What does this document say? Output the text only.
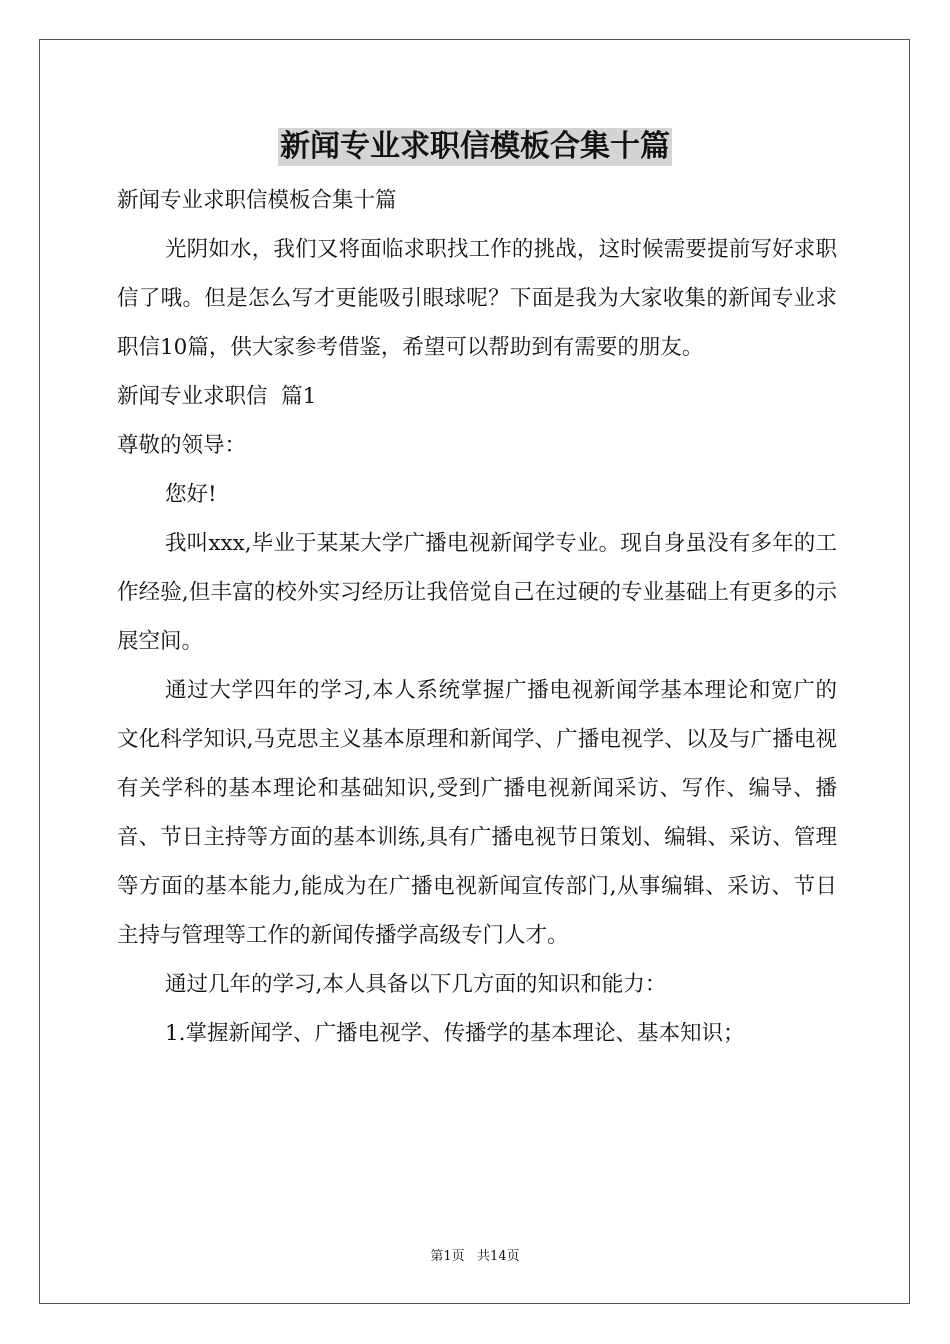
新闻专业求职信模板合集十篇

新闻专业求职信模板合集十篇

光阴如水，我们又将面临求职找工作的挑战，这时候需要提前写好求职信了哦。但是怎么写才更能吸引眼球呢？下面是我为大家收集的新闻专业求职信10篇，供大家参考借鉴，希望可以帮助到有需要的朋友。

新闻专业求职信  篇1

尊敬的领导：

您好!

我叫xxx,毕业于某某大学广播电视新闻学专业。现自身虽没有多年的工作经验,但丰富的校外实习经历让我倍觉自己在过硬的专业基础上有更多的示展空间。

通过大学四年的学习,本人系统掌握广播电视新闻学基本理论和宽广的文化科学知识,马克思主义基本原理和新闻学、广播电视学、以及与广播电视有关学科的基本理论和基础知识,受到广播电视新闻采访、写作、编导、播音、节日主持等方面的基本训练,具有广播电视节日策划、编辑、采访、管理等方面的基本能力,能成为在广播电视新闻宣传部门,从事编辑、采访、节日主持与管理等工作的新闻传播学高级专门人才。

通过几年的学习,本人具备以下几方面的知识和能力：

1.掌握新闻学、广播电视学、传播学的基本理论、基本知识；

第1页   共14页
